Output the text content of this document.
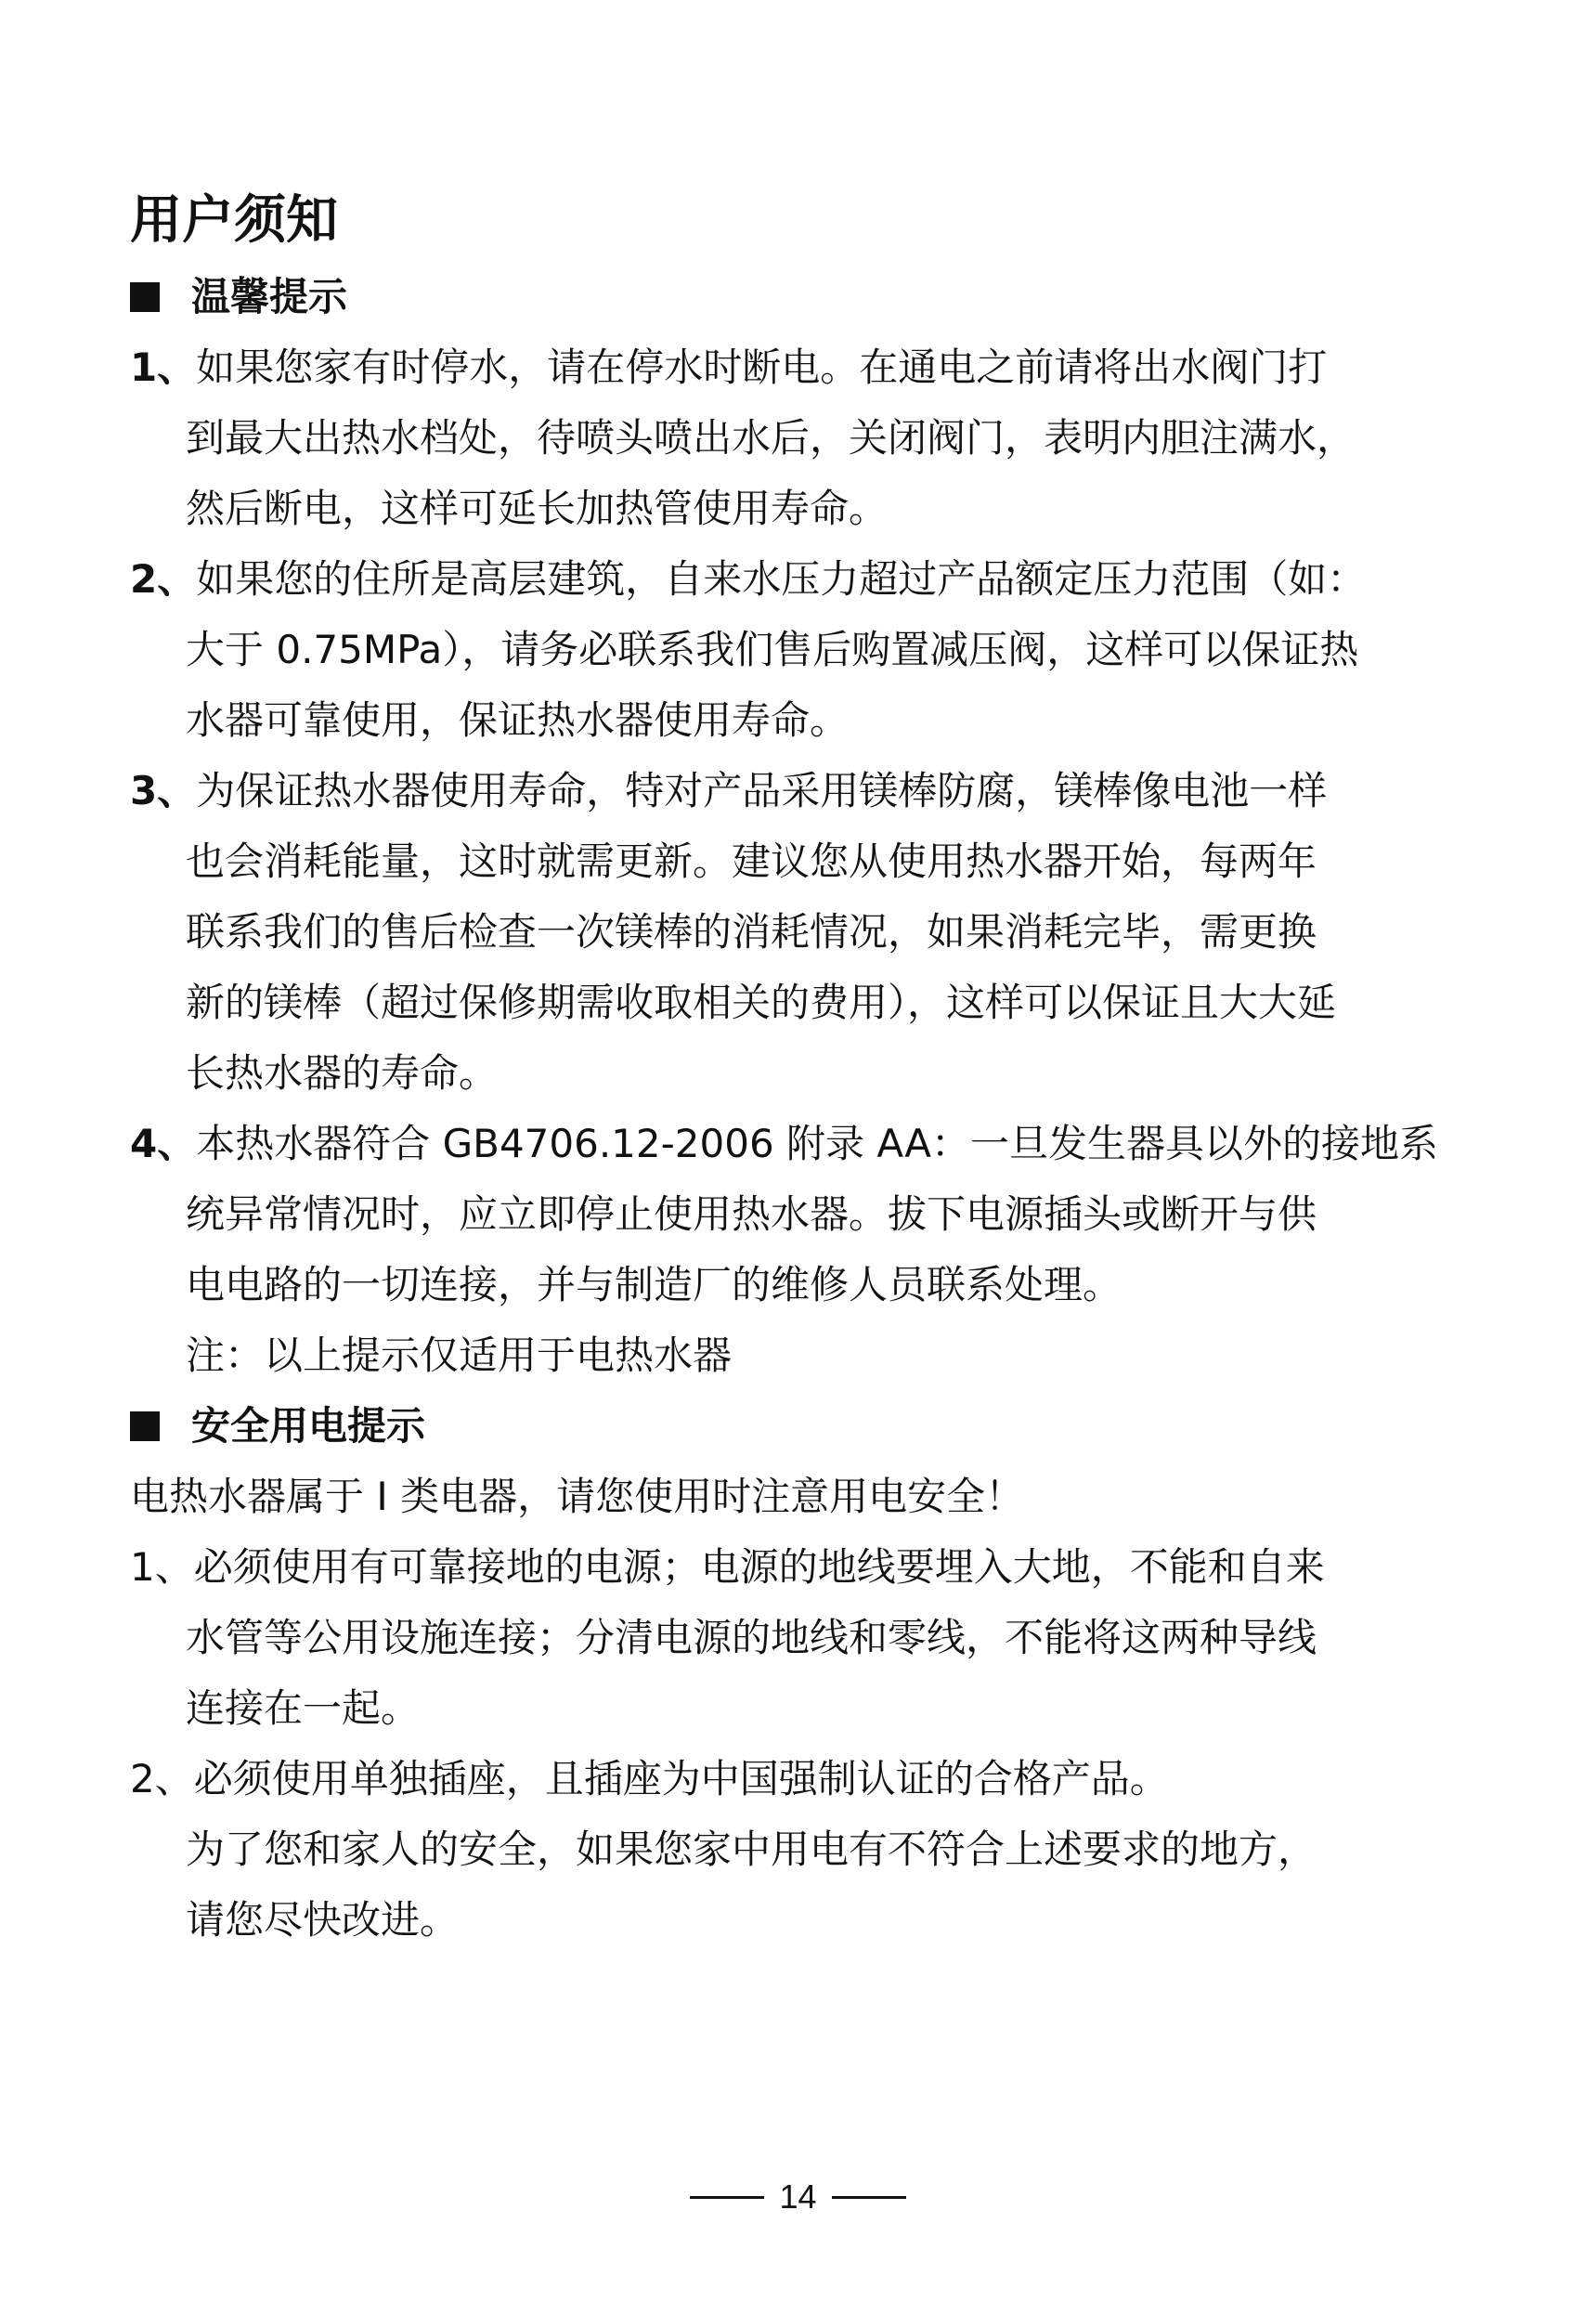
用户须知
温馨提示
1、如果您家有时停水，请在停水时断电。在通电之前请将出水阀门打
到最大出热水档处，待喷头喷出水后，关闭阀门，表明内胆注满水，
然后断电，这样可延长加热管使用寿命。
2、如果您的住所是高层建筑，自来水压力超过产品额定压力范围（如：
大于 0.75MPa），请务必联系我们售后购置减压阀，这样可以保证热
水器可靠使用，保证热水器使用寿命。
3、为保证热水器使用寿命，特对产品采用镁棒防腐，镁棒像电池一样
也会消耗能量，这时就需更新。建议您从使用热水器开始，每两年
联系我们的售后检查一次镁棒的消耗情况，如果消耗完毕，需更换
新的镁棒（超过保修期需收取相关的费用），这样可以保证且大大延
长热水器的寿命。
4、本热水器符合 GB4706.12-2006 附录 AA：一旦发生器具以外的接地系
统异常情况时，应立即停止使用热水器。拔下电源插头或断开与供
电电路的一切连接，并与制造厂的维修人员联系处理。
注：以上提示仅适用于电热水器
安全用电提示
电热水器属于 I 类电器，请您使用时注意用电安全！
1、必须使用有可靠接地的电源；电源的地线要埋入大地，不能和自来
水管等公用设施连接；分清电源的地线和零线，不能将这两种导线
连接在一起。
2、必须使用单独插座，且插座为中国强制认证的合格产品。
为了您和家人的安全，如果您家中用电有不符合上述要求的地方，
请您尽快改进。
14
